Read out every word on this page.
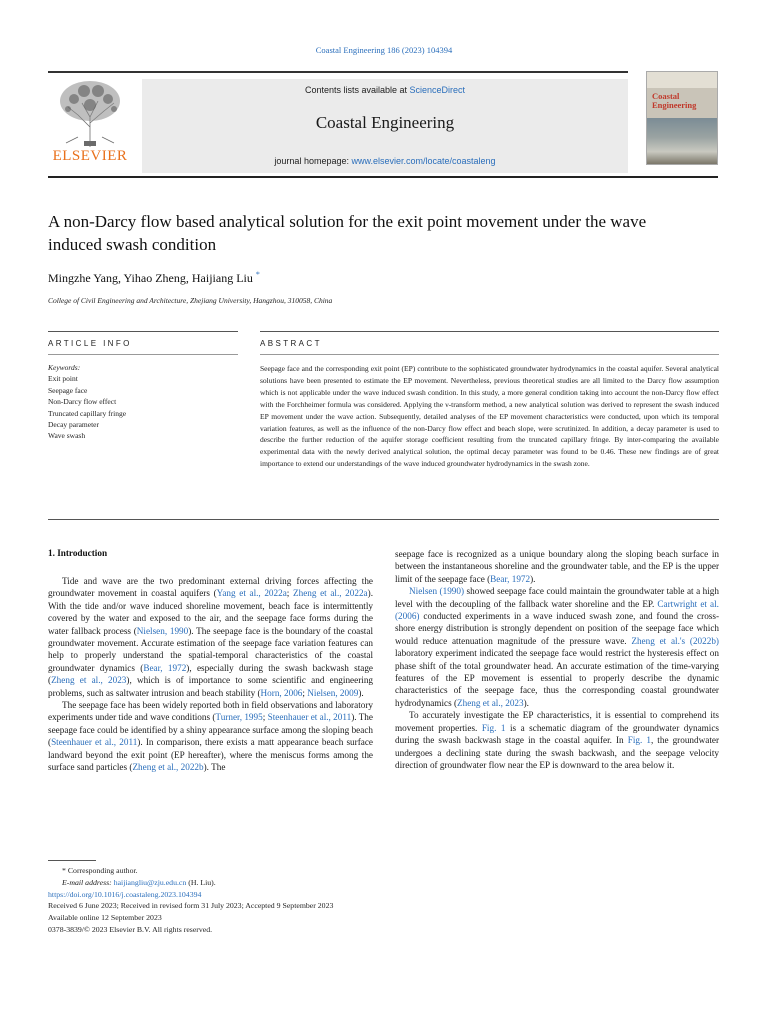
Coastal Engineering 186 (2023) 104394
ELSEVIER
Contents lists available at ScienceDirect
Coastal Engineering
journal homepage: www.elsevier.com/locate/coastaleng
Coastal
Engineering
A non-Darcy flow based analytical solution for the exit point movement under the wave induced swash condition
Mingzhe Yang, Yihao Zheng, Haijiang Liu *
College of Civil Engineering and Architecture, Zhejiang University, Hangzhou, 310058, China
ARTICLE INFO	ABSTRACT
Keywords:
Exit point
Seepage face
Non-Darcy flow effect
Truncated capillary fringe
Decay parameter
Wave swash
Seepage face and the corresponding exit point (EP) contribute to the sophisticated groundwater hydrodynamics in the coastal aquifer. Several analytical solutions have been presented to estimate the EP movement. Nevertheless, previous theoretical studies are all limited to the Darcy flow assumption which is not applicable under the wave induced swash condition. In this study, a more general condition taking into account the non-Darcy flow effect with the Forchheimer formula was considered. Applying the ν-transform method, a new analytical solution was derived to represent the swash induced EP movement under the wave action. Subsequently, detailed analyses of the EP movement characteristics were conducted, upon which its temporal variation features, as well as the influence of the non-Darcy flow effect and beach slope, were scrutinized. In addition, a decay parameter is used to describe the further reduction of the aquifer storage coefficient resulting from the truncated capillary fringe. By inter-comparing the available experimental data with the newly derived analytical solution, the optimal decay parameter was found to be 0.46. These new findings are of great importance to extend our understandings of the wave induced groundwater hydrodynamics in the swash zone.
1. Introduction

Tide and wave are the two predominant external driving forces affecting the groundwater movement in coastal aquifers (Yang et al., 2022a; Zheng et al., 2022a). With the tide and/or wave induced shoreline movement, beach face is intermittently covered by the water and exposed to the air, and the seepage face forms during the water fallback process (Nielsen, 1990). The seepage face is the boundary of the coastal groundwater movement. Accurate estimation of the seepage face variation features can help to properly understand the spatial-temporal characteristics of the coastal groundwater dynamics (Bear, 1972), especially during the swash backwash stage (Zheng et al., 2023), which is of importance to some scientific and engineering problems, such as saltwater intrusion and beach stability (Horn, 2006; Nielsen, 2009).

The seepage face has been widely reported both in field observations and laboratory experiments under tide and wave conditions (Turner, 1995; Steenhauer et al., 2011). The seepage face could be identified by a shiny appearance surface among the sloping beach (Steenhauer et al., 2011). In comparison, there exists a matt appearance beach surface landward beyond the exit point (EP hereafter), where the meniscus forms among the surface sand particles (Zheng et al., 2022b). The

seepage face is recognized as a unique boundary along the sloping beach surface in between the instantaneous shoreline and the groundwater table, and the EP is the upper limit of the seepage face (Bear, 1972).

Nielsen (1990) showed seepage face could maintain the groundwater table at a high level with the decoupling of the fallback water shoreline and the EP. Cartwright et al. (2006) conducted experiments in a wave induced swash zone, and found the cross-shore energy distribution is strongly dependent on position of the seepage face which would reduce attenuation magnitude of the pressure wave. Zheng et al.'s (2022b) laboratory experiment indicated the seepage face would restrict the hysteresis effect on phase shift of the total groundwater head. An accurate estimation of the time-varying features of the EP movement is essential to properly describe the dynamic characteristics of the seepage face, thus the corresponding coastal groundwater hydrodynamics (Zheng et al., 2023).

To accurately investigate the EP characteristics, it is essential to comprehend its movement properties. Fig. 1 is a schematic diagram of the groundwater dynamics during the swash backwash stage in the coastal aquifer. In Fig. 1, the groundwater undergoes a declining state during the swash backwash, and the seepage velocity direction of groundwater flow near the EP is downward to the area below it.

* Corresponding author.
E-mail address: haijiangliu@zju.edu.cn (H. Liu).
https://doi.org/10.1016/j.coastaleng.2023.104394
Received 6 June 2023; Received in revised form 31 July 2023; Accepted 9 September 2023
Available online 12 September 2023
0378-3839/© 2023 Elsevier B.V. All rights reserved.
